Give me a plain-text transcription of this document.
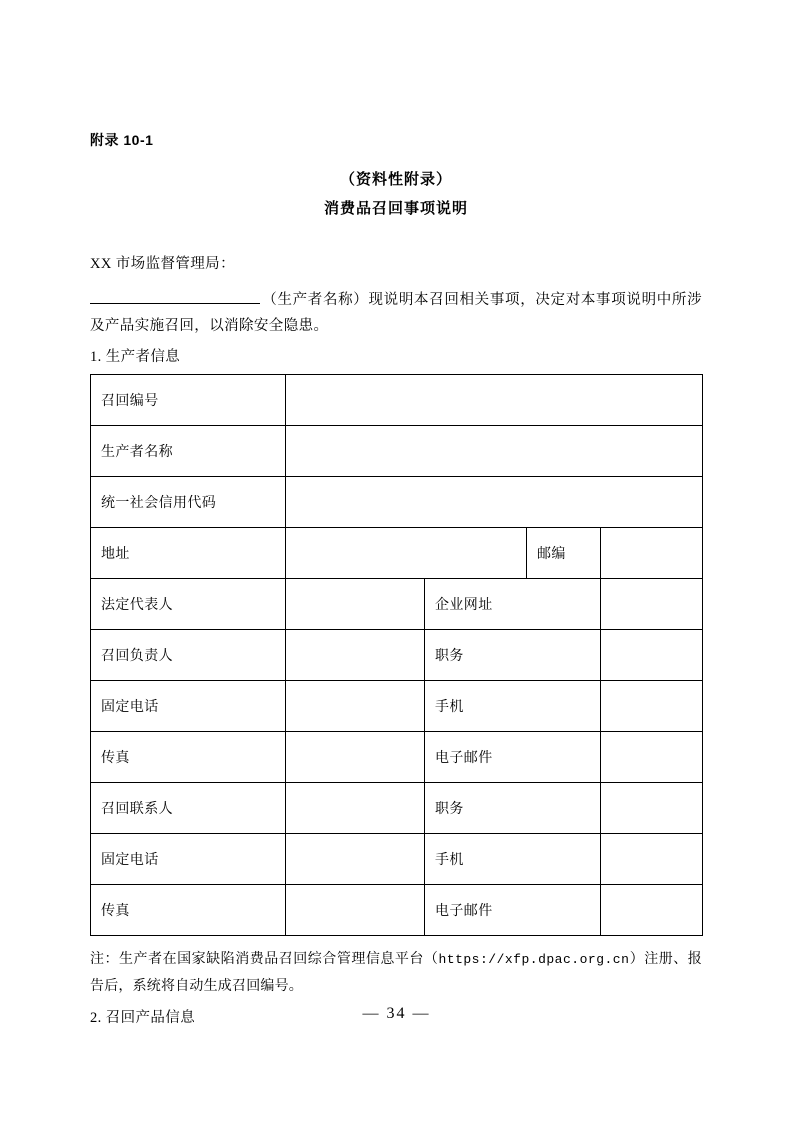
附录 10-1
（资料性附录）
消费品召回事项说明
XX 市场监督管理局：
（生产者名称）现说明本召回相关事项，决定对本事项说明中所涉及产品实施召回，以消除安全隐患。
1. 生产者信息
召回编号				
生产者名称				
统一社会信用代码				
地址			邮编	
法定代表人		企业网址		
召回负责人		职务		
固定电话		手机		
传真		电子邮件		
召回联系人		职务		
固定电话		手机		
传真		电子邮件		
注：生产者在国家缺陷消费品召回综合管理信息平台（https://xfp.dpac.org.cn）注册、报告后，系统将自动生成召回编号。
2. 召回产品信息	— 34 —
